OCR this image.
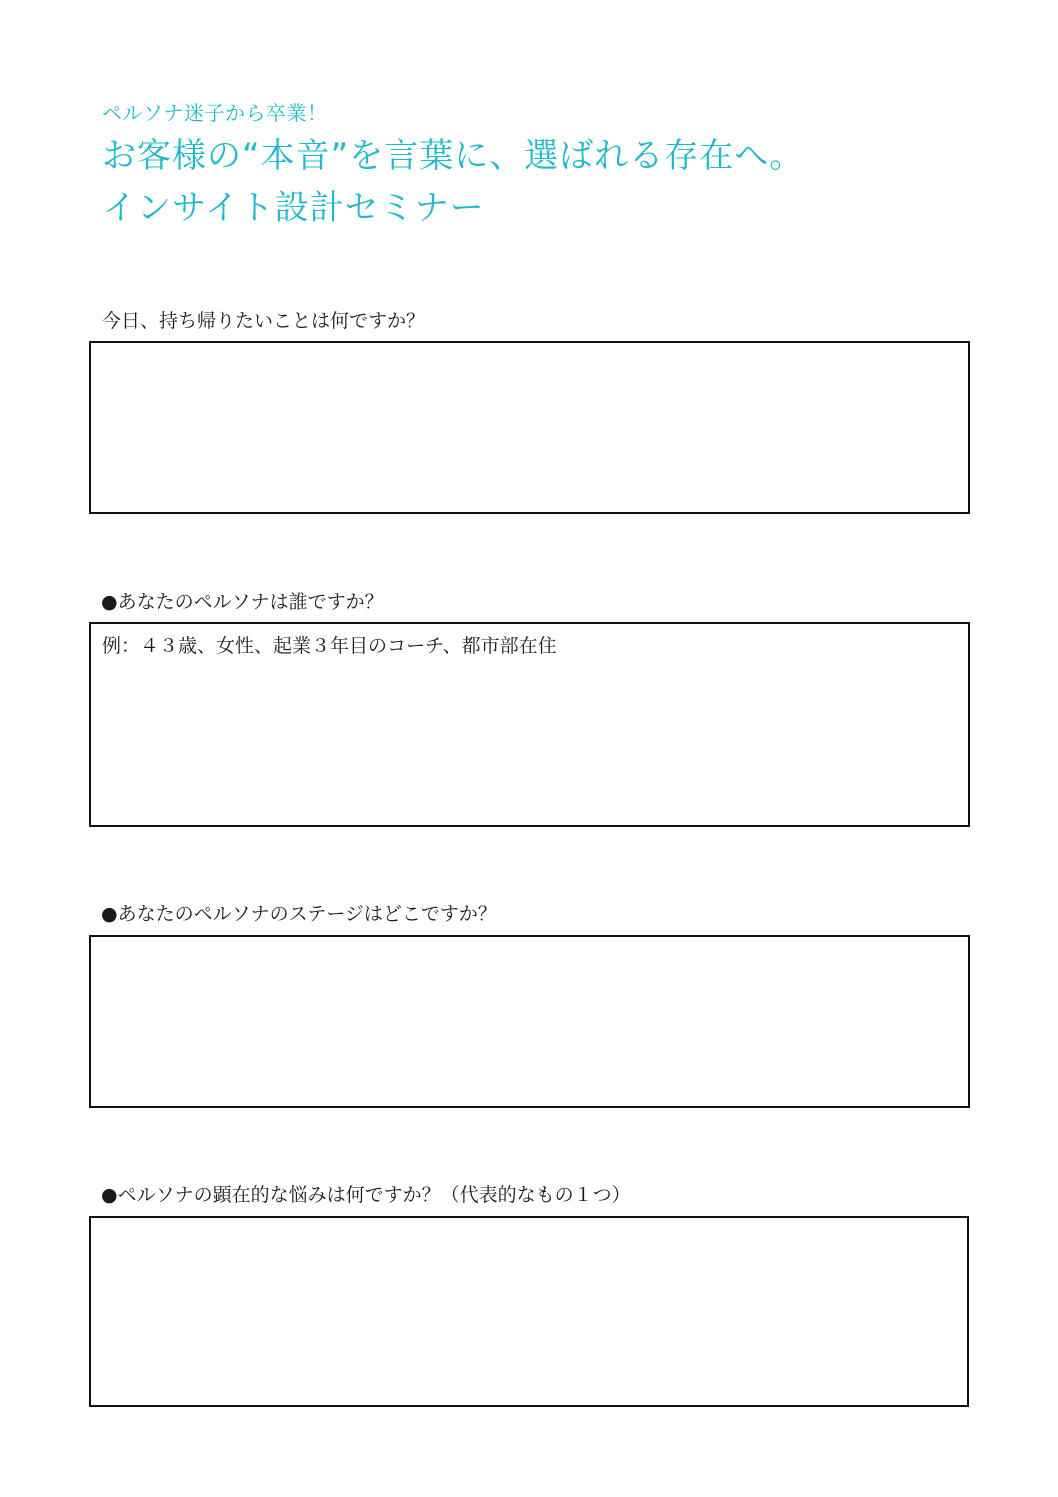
ペルソナ迷子から卒業！
お客様の“本音”を言葉に、選ばれる存在へ。
インサイト設計セミナー
今日、持ち帰りたいことは何ですか？
●あなたのペルソナは誰ですか？
例：４３歳、女性、起業３年目のコーチ、都市部在住
●あなたのペルソナのステージはどこですか？
●ペルソナの顕在的な悩みは何ですか？（代表的なもの１つ）
